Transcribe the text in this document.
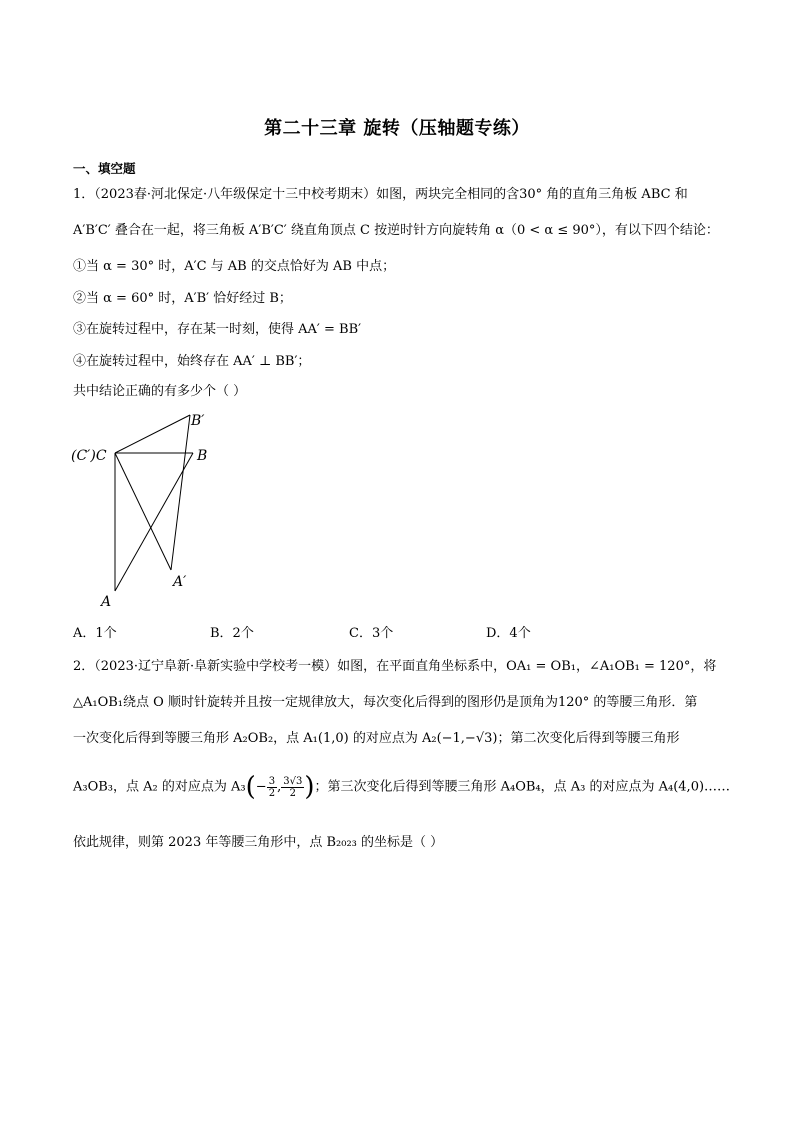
第二十三章 旋转（压轴题专练）
一、填空题
1．（2023春·河北保定·八年级保定十三中校考期末）如图，两块完全相同的含30° 角的直角三角板 ABC 和
A′B′C′ 叠合在一起，将三角板 A′B′C′ 绕直角顶点 C 按逆时针方向旋转角 α（0 < α ≤ 90°），有以下四个结论：
①当 α = 30° 时，A′C 与 AB 的交点恰好为 AB 中点；
②当 α = 60° 时，A′B′ 恰好经过 B；
③在旋转过程中，存在某一时刻，使得 AA′ = BB′
④在旋转过程中，始终存在 AA′ ⊥ BB′；
共中结论正确的有多少个（ ）
B′
(C′)C	B
A′
A
A．1个	B．2个	C．3个	D．4个
2．（2023·辽宁阜新·阜新实验中学校考一模）如图，在平面直角坐标系中，OA₁ = OB₁，∠A₁OB₁ = 120°，将
△A₁OB₁绕点 O 顺时针旋转并且按一定规律放大，每次变化后得到的图形仍是顶角为120° 的等腰三角形．第
一次变化后得到等腰三角形 A₂OB₂，点 A₁(1,0) 的对应点为 A₂(−1,−√3)；第二次变化后得到等腰三角形
A₃OB₃，点 A₂ 的对应点为 $A_3(- \frac{3}{2}$ , $\frac{3√3}{2}$ )；第三次变化后得到等腰三角形 A₄OB₄，点 A₃ 的对应点为 A₄(4,0)……
依此规律，则第 2023 年等腰三角形中，点 B₂₀₂₃ 的坐标是（ ）
